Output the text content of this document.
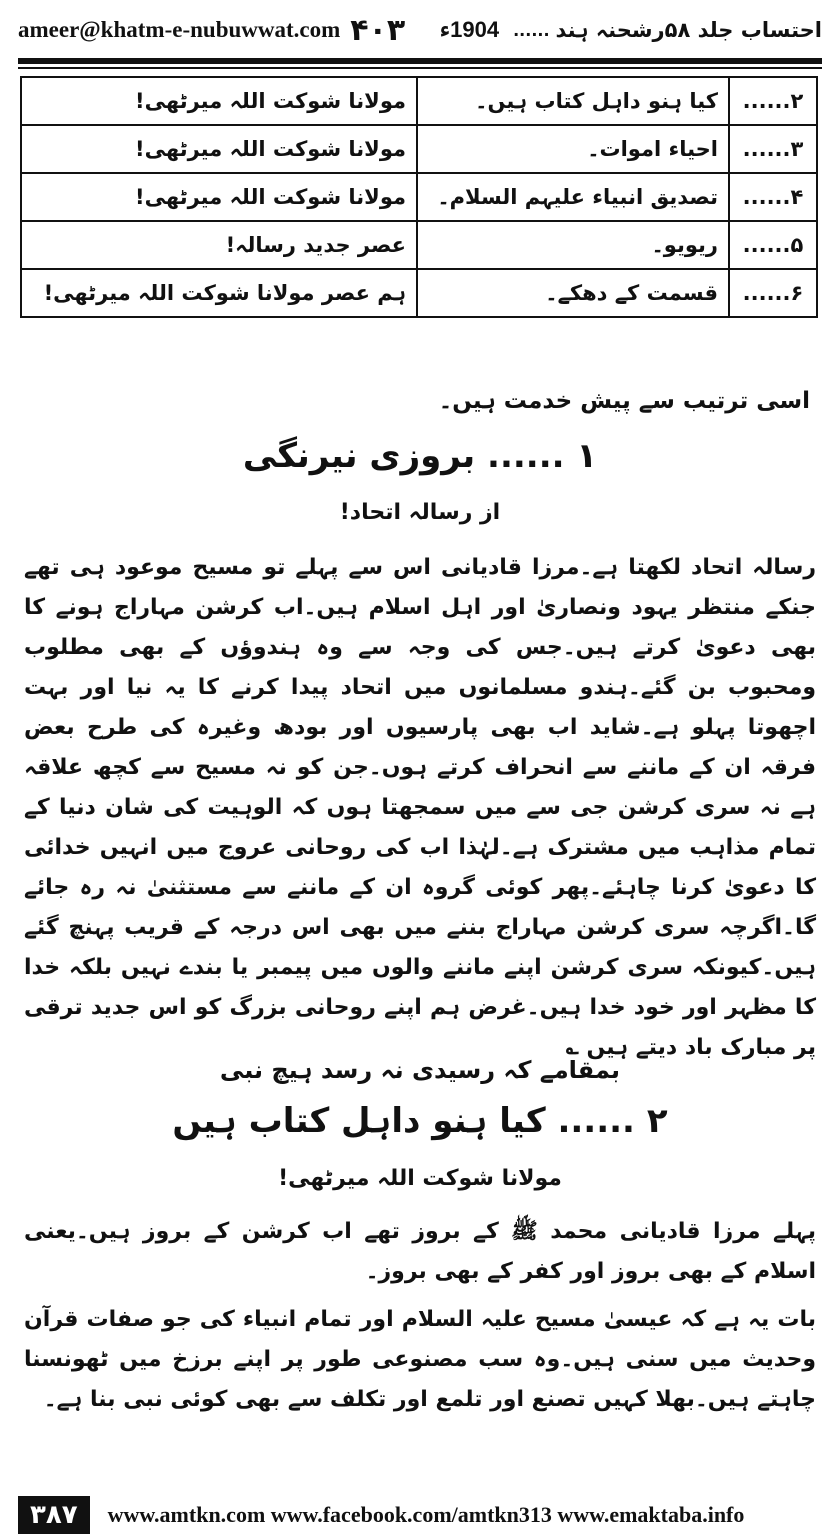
ameer@khatm-e-nubuwwat.com ۴۰۳	احتساب جلد ۵۸رشحنہ ہند
......
1904ء
۲......	کیا ہنو داہل کتاب ہیں۔	مولانا شوکت اللہ میرٹھی!
۳......	احیاء اموات۔	مولانا شوکت اللہ میرٹھی!
۴......	تصدیق انبیاء علیہم السلام۔	مولانا شوکت اللہ میرٹھی!
۵......	ریویو۔	عصر جدید رسالہ!
۶......	قسمت کے دھکے۔	ہم عصر مولانا شوکت اللہ میرٹھی!
اسی ترتیب سے پیش خدمت ہیں۔
۱ ...... بروزی نیرنگی
از رسالہ اتحاد!
رسالہ اتحاد لکھتا ہے۔مرزا قادیانی اس سے پہلے تو مسیح موعود ہی تھے جنکے منتظر یہود ونصاریٰ اور اہل اسلام ہیں۔اب کرشن مہاراج ہونے کا بھی دعویٰ کرتے ہیں۔جس کی وجہ سے وہ ہندوؤں کے بھی مطلوب ومحبوب بن گئے۔ہندو مسلمانوں میں اتحاد پیدا کرنے کا یہ نیا اور بہت اچھوتا پہلو ہے۔شاید اب بھی پارسیوں اور بودھ وغیرہ کی طرح بعض فرقہ ان کے ماننے سے انحراف کرتے ہوں۔جن کو نہ مسیح سے کچھ علاقہ ہے نہ سری کرشن جی سے میں سمجھتا ہوں کہ الوہیت کی شان دنیا کے تمام مذاہب میں مشترک ہے۔لہٰذا اب کی روحانی عروج میں انہیں خدائی کا دعویٰ کرنا چاہئے۔پھر کوئی گروہ ان کے ماننے سے مستثنیٰ نہ رہ جائے گا۔اگرچہ سری کرشن مہاراج بننے میں بھی اس درجہ کے قریب پہنچ گئے ہیں۔کیونکہ سری کرشن اپنے ماننے والوں میں پیمبر یا بندے نہیں بلکہ خدا کا مظہر اور خود خدا ہیں۔غرض ہم اپنے روحانی بزرگ کو اس جدید ترقی پر مبارک باد دیتے ہیں ؎
بمقامے کہ رسیدی نہ رسد ہیچ نبی
۲ ...... کیا ہنو داہل کتاب ہیں
مولانا شوکت اللہ میرٹھی!
پہلے مرزا قادیانی محمد ﷺ کے بروز تھے اب کرشن کے بروز ہیں۔یعنی اسلام کے بھی بروز اور کفر کے بھی بروز۔
بات یہ ہے کہ عیسیٰ مسیح علیہ السلام اور تمام انبیاء کی جو صفات قرآن وحدیث میں سنی ہیں۔وہ سب مصنوعی طور پر اپنے برزخ میں ٹھونسنا چاہتے ہیں۔بھلا کہیں تصنع اور تلمع اور تکلف سے بھی کوئی نبی بنا ہے۔
۳۸۷	www.amtkn.com www.facebook.com/amtkn313 www.emaktaba.info
